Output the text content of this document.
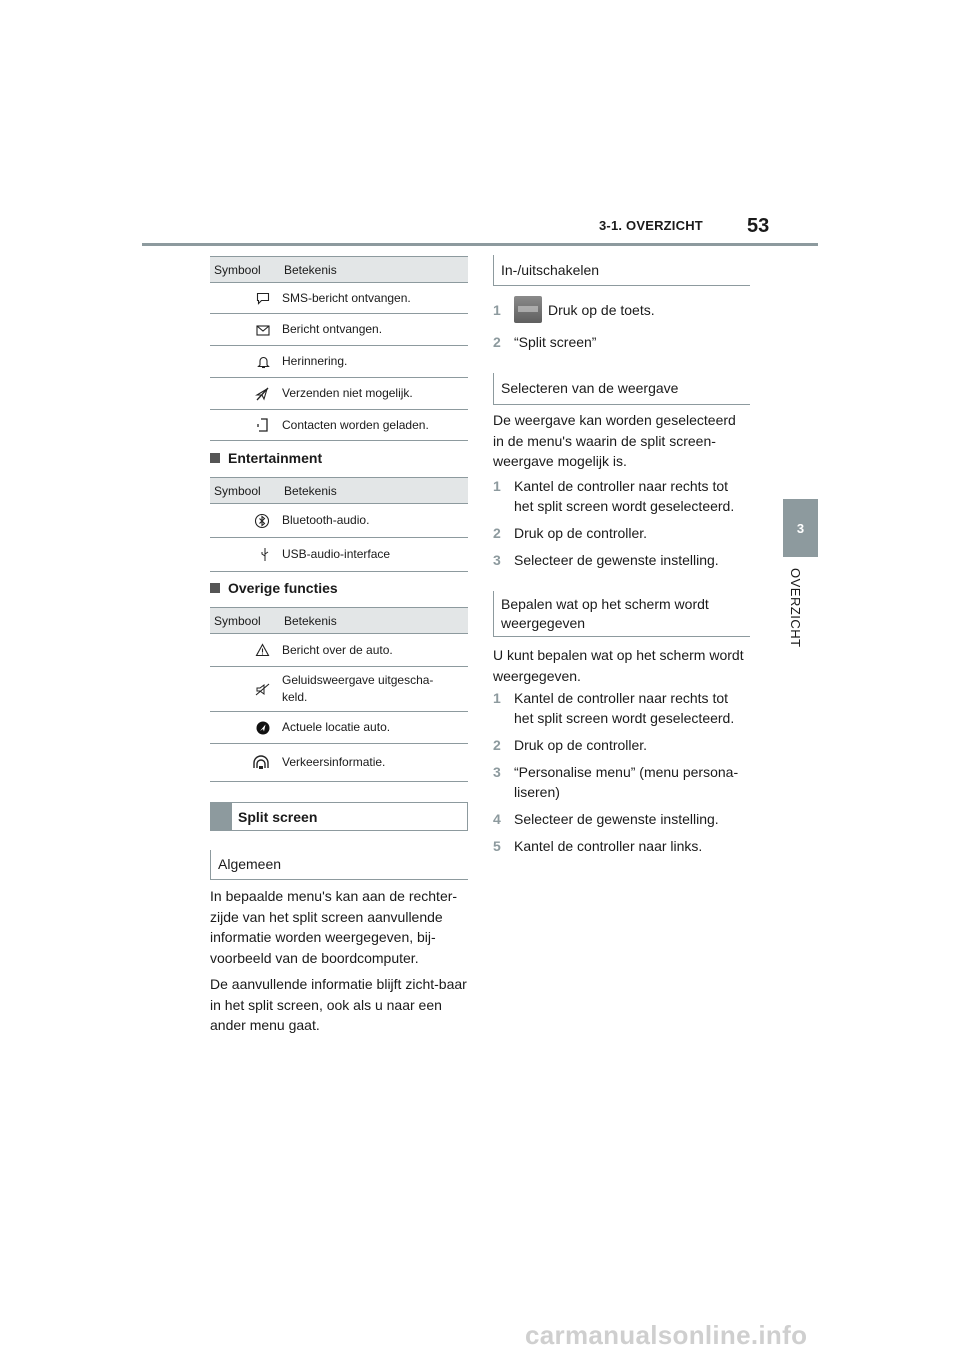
3-1. OVERZICHT 53
3
OVERZICHT
Symbool	Betekenis
	SMS-bericht ontvangen.
	Bericht ontvangen.
	Herinnering.
	Verzenden niet mogelijk.
	Contacten worden geladen.
Entertainment
Symbool	Betekenis
	Bluetooth-audio.
	USB-audio-interface
Overige functies
Symbool	Betekenis
	Bericht over de auto.
	Geluidsweergave uitgescha-
keld.
	Actuele locatie auto.
	Verkeersinformatie.
Split screen
Algemeen

In bepaalde menu's kan aan de rechter-zijde van het split screen aanvullende informatie worden weergegeven, bij-voorbeeld van de boordcomputer.

De aanvullende informatie blijft zicht-baar in het split screen, ook als u naar een ander menu gaat.

In-/uitschakelen
1	Druk op de toets.
2 “Split screen”
Selecteren van de weergave

De weergave kan worden geselecteerd in de menu's waarin de split screen-weergave mogelijk is.

1 Kantel de controller naar rechts tot het split screen wordt geselecteerd.
2 Druk op de controller.
3 Selecteer de gewenste instelling.
Bepalen wat op het scherm wordt weergegeven

U kunt bepalen wat op het scherm wordt weergegeven.

1 Kantel de controller naar rechts tot het split screen wordt geselecteerd.
2 Druk op de controller.
3 “Personalise menu” (menu persona-liseren)
4 Selecteer de gewenste instelling.
5 Kantel de controller naar links.
carmanualsonline.info
